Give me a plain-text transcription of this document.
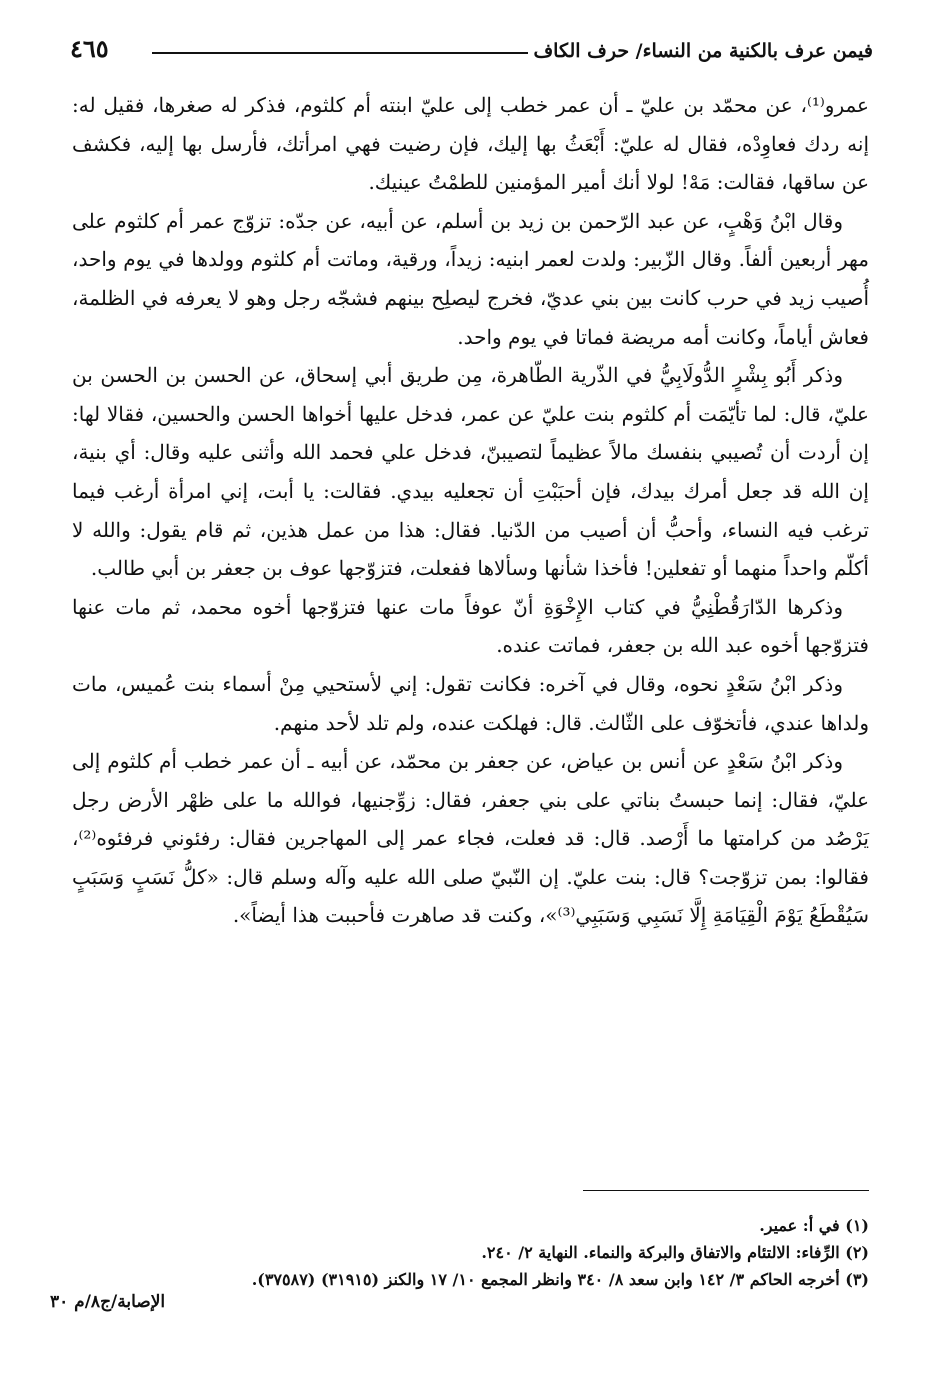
فيمن عرف بالكنية من النساء/ حرف الكاف
٤٦٥

عمرو⁽¹⁾، عن محمّد بن عليّ ـ أن عمر خطب إلى عليّ ابنته أم كلثوم، فذكر له صغرها، فقيل له: إنه ردك فعاوِدْه، فقال له عليّ: أَبْعَثُ بها إليك، فإن رضيت فهي امرأتك، فأرسل بها إليه، فكشف عن ساقها، فقالت: مَهْ! لولا أنك أمير المؤمنين للطمْتُ عينيك.

وقال ابْنُ وَهْبٍ، عن عبد الرّحمن بن زيد بن أسلم، عن أبيه، عن جدّه: تزوّج عمر أم كلثوم على مهر أربعين ألفاً. وقال الزّبير: ولدت لعمر ابنيه: زيداً، ورقية، وماتت أم كلثوم وولدها في يوم واحد، أُصيب زيد في حرب كانت بين بني عديّ، فخرج ليصلِح بينهم فشجّه رجل وهو لا يعرفه في الظلمة، فعاش أياماً، وكانت أمه مريضة فماتا في يوم واحد.

وذكر أَبُو بِشْرٍ الدُّولَابِيُّ في الذّرية الطّاهرة، مِن طريق أبي إسحاق، عن الحسن بن الحسن بن عليّ، قال: لما تأيّمَت أم كلثوم بنت عليّ عن عمر، فدخل عليها أخواها الحسن والحسين، فقالا لها: إن أردت أن تُصيبي بنفسك مالاً عظيماً لتصيبنّ، فدخل علي فحمد الله وأثنى عليه وقال: أي بنية، إن الله قد جعل أمرك بيدك، فإن أحبَبْتِ أن تجعليه بيدي. فقالت: يا أبت، إني امرأة أرغب فيما ترغب فيه النساء، وأحبُّ أن أصيب من الدّنيا. فقال: هذا من عمل هذين، ثم قام يقول: والله لا أكلّم واحداً منهما أو تفعلين! فأخذا شأنها وسألاها ففعلت، فتزوّجها عوف بن جعفر بن أبي طالب.

وذكرها الدّارَقُطْنِيُّ في كتاب الإِخْوَةِ أنّ عوفاً مات عنها فتزوّجها أخوه محمد، ثم مات عنها فتزوّجها أخوه عبد الله بن جعفر، فماتت عنده.

وذكر ابْنُ سَعْدٍ نحوه، وقال في آخره: فكانت تقول: إني لأستحيي مِنْ أسماء بنت عُميس، مات ولداها عندي، فأتخوّف على الثّالث. قال: فهلكت عنده، ولم تلد لأحد منهم.

وذكر ابْنُ سَعْدٍ عن أنس بن عياض، عن جعفر بن محمّد، عن أبيه ـ أن عمر خطب أم كلثوم إلى عليّ، فقال: إنما حبستُ بناتي على بني جعفر، فقال: زوِّجنيها، فوالله ما على ظهْر الأرض رجل يَرْصُد من كرامتها ما أَرْصد. قال: قد فعلت، فجاء عمر إلى المهاجرين فقال: رفئوني فرفئوه⁽²⁾، فقالوا: بمن تزوّجت؟ قال: بنت عليّ. إن النّبيّ صلى الله عليه وآله وسلم قال: «كلُّ نَسَبٍ وَسَبَبٍ سَيُقْطَعُ يَوْمَ الْقِيَامَةِ إِلَّا نَسَبِي وَسَبَبِي⁽³⁾»، وكنت قد صاهرت فأحببت هذا أيضاً».

(١) في أ: عمير.

(٢) الرِّفاء: الالتئام والاتفاق والبركة والنماء. النهاية ٢/ ٢٤٠.

(٣) أخرجه الحاكم ٣/ ١٤٢ وابن سعد ٨/ ٣٤٠ وانظر المجمع ١٠/ ١٧ والكنز (٣١٩١٥) (٣٧٥٨٧).

الإصابة/ج٨/م ٣٠
